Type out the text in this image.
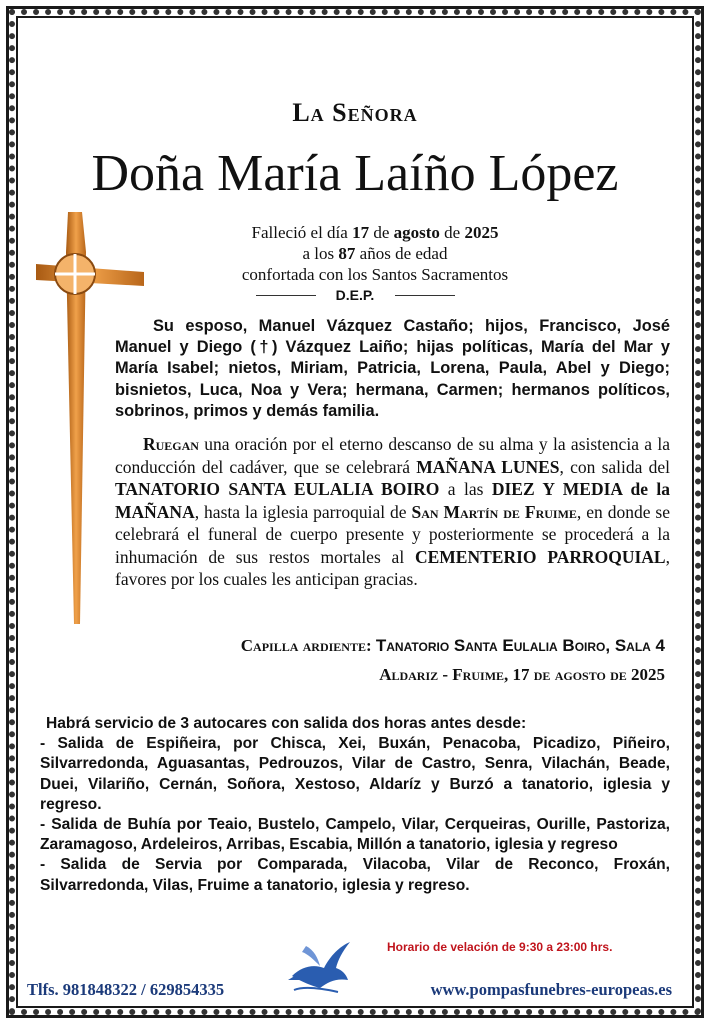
La Señora
Doña María Laíño López
Falleció el día 17 de agosto de 2025
a los 87 años de edad
confortada con los Santos Sacramentos
D.E.P.
Su esposo, Manuel Vázquez Castaño; hijos, Francisco, José Manuel y Diego (†) Vázquez Laiño; hijas políticas, María del Mar y María Isabel; nietos, Miriam, Patricia, Lorena, Paula, Abel y Diego; bisnietos, Luca, Noa y Vera; hermana, Carmen; hermanos políticos, sobrinos, primos y demás familia.
Ruegan una oración por el eterno descanso de su alma y la asistencia a la conducción del cadáver, que se celebrará MAÑANA LUNES, con salida del TANATORIO SANTA EULALIA BOIRO a las DIEZ Y MEDIA de la MAÑANA, hasta la iglesia parroquial de San Martín de Fruime, en donde se celebrará el funeral de cuerpo presente y posteriormente se procederá a la inhumación de sus restos mortales al CEMENTERIO PARROQUIAL, favores por los cuales les anticipan gracias.
Capilla ardiente: Tanatorio Santa Eulalia Boiro, Sala 4
Aldariz - Fruime, 17 de agosto de 2025

Habrá servicio de 3 autocares con salida dos horas antes desde:

- Salida de Espiñeira, por Chisca, Xei, Buxán, Penacoba, Picadizo, Piñeiro, Silvarredonda, Aguasantas, Pedrouzos, Vilar de Castro, Senra, Vilachán, Beade, Duei, Vilariño, Cernán, Soñora, Xestoso, Aldaríz y Burzó a tanatorio, iglesia y regreso.

- Salida de Buhía por Teaio, Bustelo, Campelo, Vilar, Cerqueiras, Ourille, Pastoriza, Zaramagoso, Ardeleiros, Arribas, Escabia, Millón a tanatorio, iglesia y regreso

- Salida de Servia por Comparada, Vilacoba, Vilar de Reconco, Froxán, Silvarredonda, Vilas, Fruime a tanatorio, iglesia y regreso.

Horario de velación de 9:30 a 23:00 hrs.
Tlfs. 981848322 / 629854335	www.pompasfunebres-europeas.es
